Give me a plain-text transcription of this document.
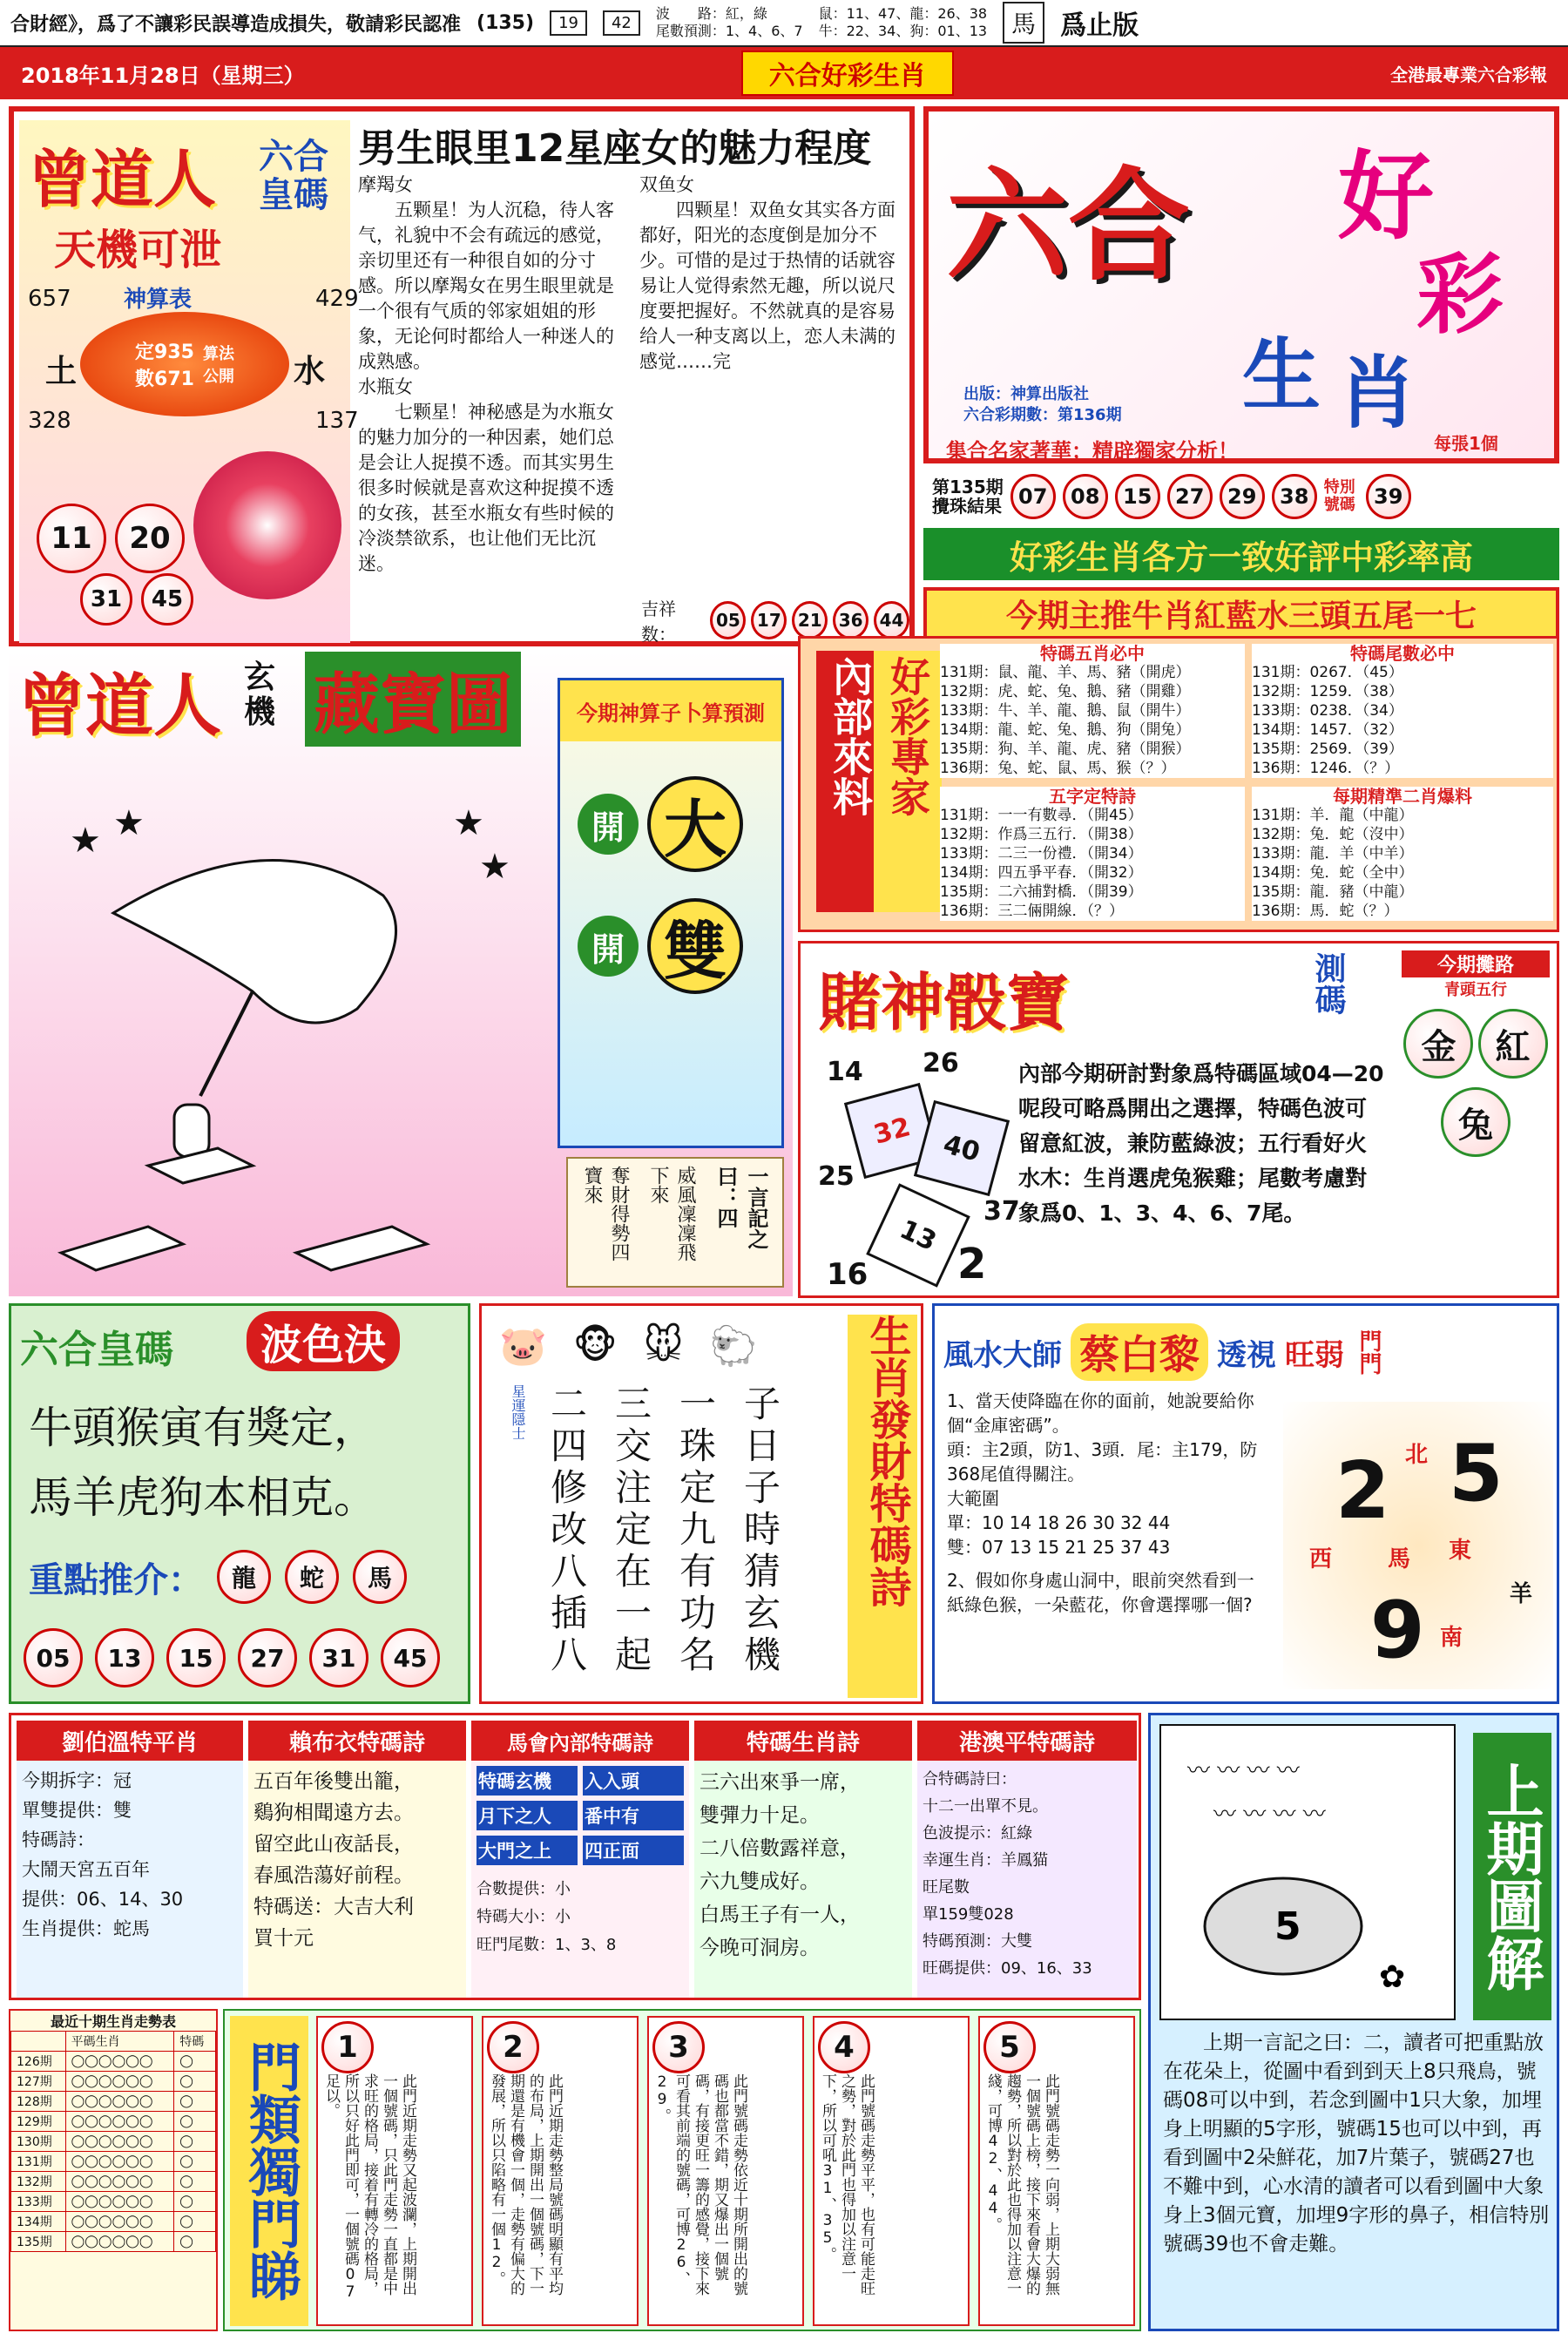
合財經》，爲了不讓彩民誤導造成損失，敬請彩民認准 (135)	19	42	波　　路：紅，綠
尾數預測：1、4、6、7
鼠：11、47、龍：26、38
牛：22、34、狗：01、13	馬 爲止版
2018年11月28日（星期三）	六合好彩生肖	全港最專業六合彩報
曾道人 六合皇碼
天機可泄
神算表
657	429
328	137
定935
數671
算法
公開
土	水
11	20
31	45
男生眼里12星座女的魅力程度
摩羯女
五颗星！为人沉稳，待人客气，礼貌中不会有疏远的感觉，亲切里还有一种很自如的分寸感。所以摩羯女在男生眼里就是一个很有气质的邻家姐姐的形象，无论何时都给人一种迷人的成熟感。
水瓶女
七颗星！神秘感是为水瓶女的魅力加分的一种因素，她们总是会让人捉摸不透。而其实男生很多时候就是喜欢这种捉摸不透的女孩，甚至水瓶女有些时候的冷淡禁欲系，也让他们无比沉迷。
双鱼女
四颗星！双鱼女其实各方面都好，阳光的态度倒是加分不少。可惜的是过于热情的话就容易让人觉得索然无趣，所以说尺度要把握好。不然就真的是容易给人一种支离以上，恋人未满的感觉……完
吉祥数：
05 17 21 36 44
六合 好
彩
生 肖
出版：神算出版社
六合彩期數：第136期
每張1個
集合名家著華；精辟獨家分析！
第135期
攪珠結果 07	08	15	27	29	38 特別號碼 39
好彩生肖各方一致好評中彩率高
今期主推牛肖紅藍水三頭五尾一七
曾道人 玄機 藏寶圖
★ ★	★
★
今期神算子卜算預測
開 大
開 雙
一言記之曰：四
威風凜凜飛下來
奪財得勢四寶來
內部來料 好彩專家
特碼五肖必中
131期：鼠、龍、羊、馬、豬（開虎）
132期：虎、蛇、兔、鵝、豬（開雞）
133期：牛、羊、龍、鵝、鼠（開牛）
134期：龍、蛇、兔、鵝、狗（開兔）
135期：狗、羊、龍、虎、豬（開猴）
136期：兔、蛇、鼠、馬、猴（？）
特碼尾數必中
131期：0267．（45）
132期：1259．（38）
133期：0238．（34）
134期：1457．（32）
135期：2569．（39）
136期：1246．（？）
五字定特詩
131期：一一有數尋．（開45）
132期：作爲三五行．（開38）
133期：二三一份禮．（開34）
134期：四五爭平春．（開32）
135期：二六捕對橋．（開39）
136期：三二倆開線．（？）
每期精準二肖爆料
131期：羊．龍（中龍）
132期：兔．蛇（沒中）
133期：龍．羊（中羊）
134期：兔．蛇（全中）
135期：龍．豬（中龍）
136期：馬．蛇（？）
賭神骰寶	測碼	今期攤路
青頭五行
金 紅 兔
14 26
32	40
25
37
13
16 2
內部今期研討對象爲特碼區域04—20呢段可略爲開出之選擇，特碼色波可留意紅波，兼防藍綠波；五行看好火水木：生肖選虎兔猴雞；尾數考慮對象爲0、1、3、4、6、7尾。
六合皇碼	波色決
牛頭猴寅有獎定，
馬羊虎狗本相克。
重點推介：	龍	蛇	馬
05	13	15	27	31	45
🐷 🐵 🐭 🐑
子日子時猜玄機
一珠定九有功名
三交注定在一起
二四修改八插八
星運隱士	生肖發財特碼詩 風水大師 蔡白黎 透視 旺弱 門門
1、當天使降臨在你的面前，她說要給你個“金庫密碼”。
頭：主2頭，防1、3頭．尾：主179，防368尾值得關注。
大範圍
單：10 14 18 26 30 32 44
雙：07 13 15 21 25 37 43
2、假如你身處山洞中，眼前突然看到一紙綠色猴，一朵藍花，你會選擇哪一個?
2 5
9
北
東
西
南
馬
羊
劉伯溫特平肖
今期拆字：冠
單雙提供：雙
特碼詩：
大鬧天宮五百年
提供：06、14、30
生肖提供：蛇馬
賴布衣特碼詩
五百年後雙出籠，
鷄狗相聞遠方去。
留空此山夜話長，
春風浩蕩好前程。
特碼送：大吉大利
買十元
馬會內部特碼詩
特碼玄機	入入頭
月下之人	番中有
大門之上	四正面
合數提供：小
特碼大小：小
旺門尾數：1、3、8
特碼生肖詩
三六出來爭一席，
雙彈力十足。
二八倍數露祥意，
六九雙成好。
白馬王子有一人，
今晚可洞房。
港澳平特碼詩
合特碼詩曰：
十二一出單不見。
色波提示：紅綠
幸運生肖：羊鳳猫
旺尾數
單159雙028
特碼預測：大雙
旺碼提供：09、16、33
最近十期生肖走勢表
	平碼生肖	特碼
126期	◯◯◯◯◯◯	◯
127期	◯◯◯◯◯◯	◯
128期	◯◯◯◯◯◯	◯
129期	◯◯◯◯◯◯	◯
130期	◯◯◯◯◯◯	◯
131期	◯◯◯◯◯◯	◯
132期	◯◯◯◯◯◯	◯
133期	◯◯◯◯◯◯	◯
134期	◯◯◯◯◯◯	◯
135期	◯◯◯◯◯◯	◯ 門類獨門睇	1
此門近期走勢又起波瀾，上期開出一個號碼，只此門走勢一直都是中求旺的格局，接着有轉冷的格局，所以只好此門即可，一個號碼07足以。
2
此門近期走勢整局號碼明顯有平均的布局，上期開出一個號碼，下一期還是有機會一個，走勢有偏大的發展，所以只陷略有一個12。
3
此門號碼走勢依近十期所開出的號碼也都當不錯，期又爆出一個號碼，有接更旺一籌的感覺，接下來可看其前端的號碼，可博26、29。
4
此門號碼走勢平平，也有可能走旺之勢，對於此門也得加以注意一下，所以可吼31、35。
5
此門號碼走勢一向弱，上期大弱無一個號碼上榜，接下來看會大爆的趨勢，所以對於此也得加以注意一綫，可博42、44。
〰 〰 〰 〰
〰 〰 〰 〰
5
✿ 上期圖解
上期一言記之曰：二，讀者可把重點放在花朵上，從圖中看到到天上8只飛鳥，號碼08可以中到，若念到圖中1只大象，加埋身上明顯的5字形，號碼15也可以中到，再看到圖中2朵鮮花，加7片葉子，號碼27也不難中到，心水清的讀者可以看到圖中大象身上3個元寶，加埋9字形的鼻子，相信特別號碼39也不會走難。
